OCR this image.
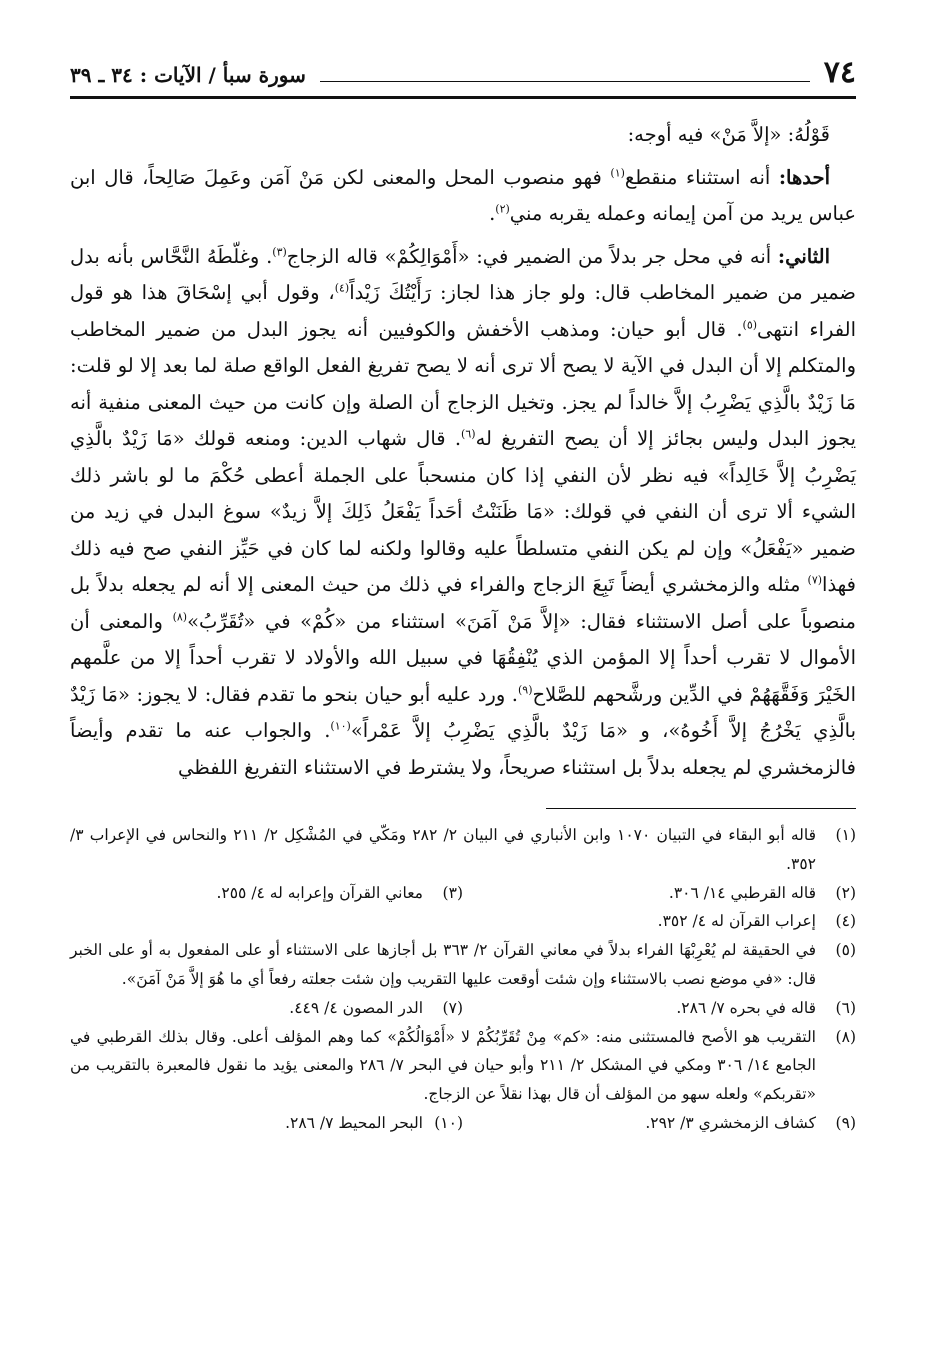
٧٤
سورة سبأ / الآيات : ٣٤ ـ ٣٩

قَوْلُهُ: «إلاَّ مَنْ» فيه أوجه:

أحدها: أنه استثناء منقطع$^{(١)}$ فهو منصوب المحل والمعنى لكن مَنْ آمَن وعَمِلَ صَالِحاً، قال ابن عباس يريد من آمن إيمانه وعمله يقربه مني$^{(٢)}$.

الثاني: أنه في محل جر بدلاً من الضمير في: «أَمْوَالِكُمْ» قاله الزجاج$^{(٣)}$. وغلّطَهُ النَّحَّاس بأنه بدل ضمير من ضمير المخاطب قال: ولو جاز هذا لجاز: رَأَيْتُكَ زَيْداً$^{(٤)}$، وقول أبي إسْحَاقَ هذا هو قول الفراء انتهى$^{(٥)}$. قال أبو حيان: ومذهب الأخفش والكوفيين أنه يجوز البدل من ضمير المخاطب والمتكلم إلا أن البدل في الآية لا يصح ألا ترى أنه لا يصح تفريغ الفعل الواقع صلة لما بعد إلا لو قلت: مَا زَيْدٌ بالَّذِي يَضْرِبُ إلاَّ خالداً لم يجز. وتخيل الزجاج أن الصلة وإن كانت من حيث المعنى منفية أنه يجوز البدل وليس بجائز إلا أن يصح التفريغ له$^{(٦)}$. قال شهاب الدين: ومنعه قولك «مَا زَيْدٌ بالَّذِي يَضْرِبُ إلاَّ خَالِداً» فيه نظر لأن النفي إذا كان منسحباً على الجملة أعطى حُكْمَ ما لو باشر ذلك الشيء ألا ترى أن النفي في قولك: «مَا ظَنَنْتُ أحَداً يَفْعَلُ ذَلِكَ إلاَّ زيدٌ» سوغ البدل في زيد من ضمير «يَفْعَلُ» وإن لم يكن النفي متسلطاً عليه وقالوا ولكنه لما كان في حَيِّز النفي صح فيه ذلك فهذا$^{(٧)}$ مثله والزمخشري أيضاً تَبِعَ الزجاج والفراء في ذلك من حيث المعنى إلا أنه لم يجعله بدلاً بل منصوباً على أصل الاستثناء فقال: «إلاَّ مَنْ آمَنَ» استثناء من «كُمْ» في «تُقَرِّبُ»$^{(٨)}$ والمعنى أن الأموال لا تقرب أحداً إلا المؤمن الذي يُنْفِقُهَا في سبيل الله والأولاد لا تقرب أحداً إلا من علَّمهم الخَيْرَ وَفَقَّهَهُمْ في الدِّين ورشَّحهم للصَّلاح$^{(٩)}$. ورد عليه أبو حيان بنحو ما تقدم فقال: لا يجوز: «مَا زَيْدٌ بالَّذِي يَخْرُجُ إلاَّ أَخُوهُ»، و «مَا زَيْدٌ بالَّذِي يَضْرِبُ إلاَّ عَمْراً»$^{(١٠)}$. والجواب عنه ما تقدم وأيضاً فالزمخشري لم يجعله بدلاً بل استثناء صريحاً، ولا يشترط في الاستثناء التفريغ اللفظي

(١)
قاله أبو البقاء في التبيان ١٠٧٠ وابن الأنباري في البيان ٢/ ٢٨٢ ومَكّي في المُشْكِل ٢/ ٢١١ والنحاس في الإعراب ٣/ ٣٥٢.
(٢)
قاله القرطبي ١٤/ ٣٠٦.
(٣)
معاني القرآن وإعرابه له ٤/ ٢٥٥.
(٤)
إعراب القرآن له ٤/ ٣٥٢.
(٥)
في الحقيقة لم يُعْرِبْهَا الفراء بدلاً في معاني القرآن ٢/ ٣٦٣ بل أجازها على الاستثناء أو على المفعول به أو على الخبر قال: «في موضع نصب بالاستثناء وإن شئت أوقعت عليها التقريب وإن شئت جعلته رفعاً أي ما هُوَ إلاَّ مَنْ آمَنَ».
(٦)
قاله في بحره ٧/ ٢٨٦.
(٧)
الدر المصون ٤/ ٤٤٩.
(٨)
التقريب هو الأصح فالمستثنى منه: «كم» مِنْ تُقَرِّبُكُمْ لا «أَمْوَالُكُمْ» كما وهم المؤلف أعلى. وقال بذلك القرطبي في الجامع ١٤/ ٣٠٦ ومكي في المشكل ٢/ ٢١١ وأبو حيان في البحر ٧/ ٢٨٦ والمعنى يؤيد ما نقول فالمعبرة بالتقريب من «تقربكم» ولعله سهو من المؤلف أن قال بهذا نقلاً عن الزجاج.
(٩)
كشاف الزمخشري ٣/ ٢٩٢.
(١٠)
البحر المحيط ٧/ ٢٨٦.
